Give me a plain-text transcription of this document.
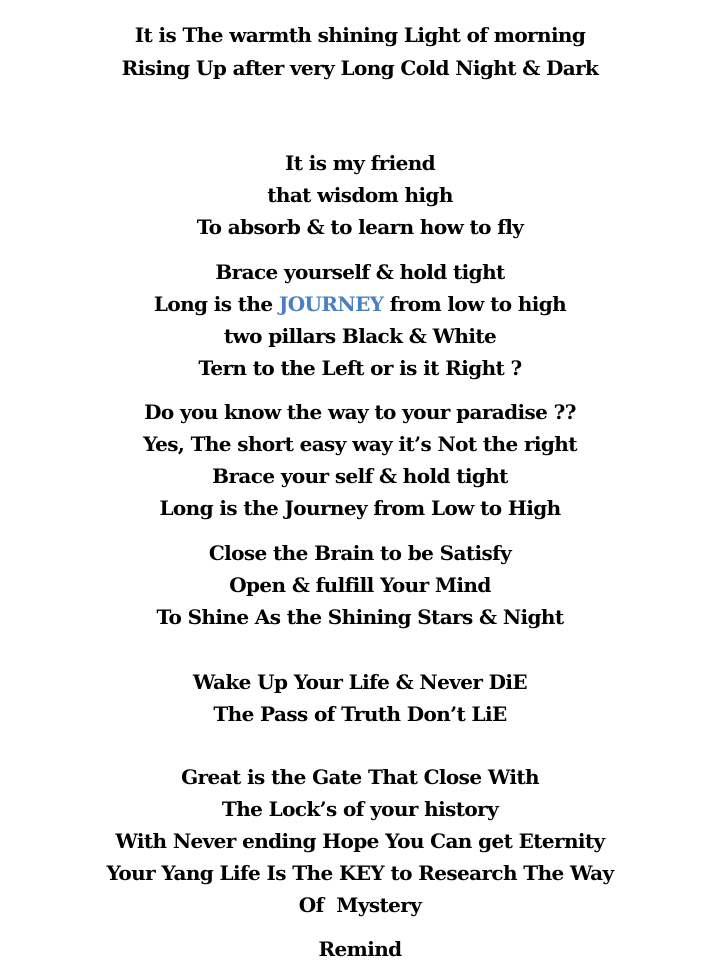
It is The warmth shining Light of morning
Rising Up after very Long Cold Night & Dark
It is my friend
that wisdom high
To absorb & to learn how to fly
Brace yourself & hold tight
Long is the JOURNEY from low to high
two pillars Black & White
Tern to the Left or is it Right ?
Do you know the way to your paradise ??
Yes, The short easy way it’s Not the right
Brace your self & hold tight
Long is the Journey from Low to High
Close the Brain to be Satisfy
Open & fulfill Your Mind
To Shine As the Shining Stars & Night
Wake Up Your Life & Never DiE
The Pass of Truth Don’t LiE
Great is the Gate That Close With
The Lock’s of your history
With Never ending Hope You Can get Eternity
Your Yang Life Is The KEY to Research The Way
Of  Mystery
Remind
